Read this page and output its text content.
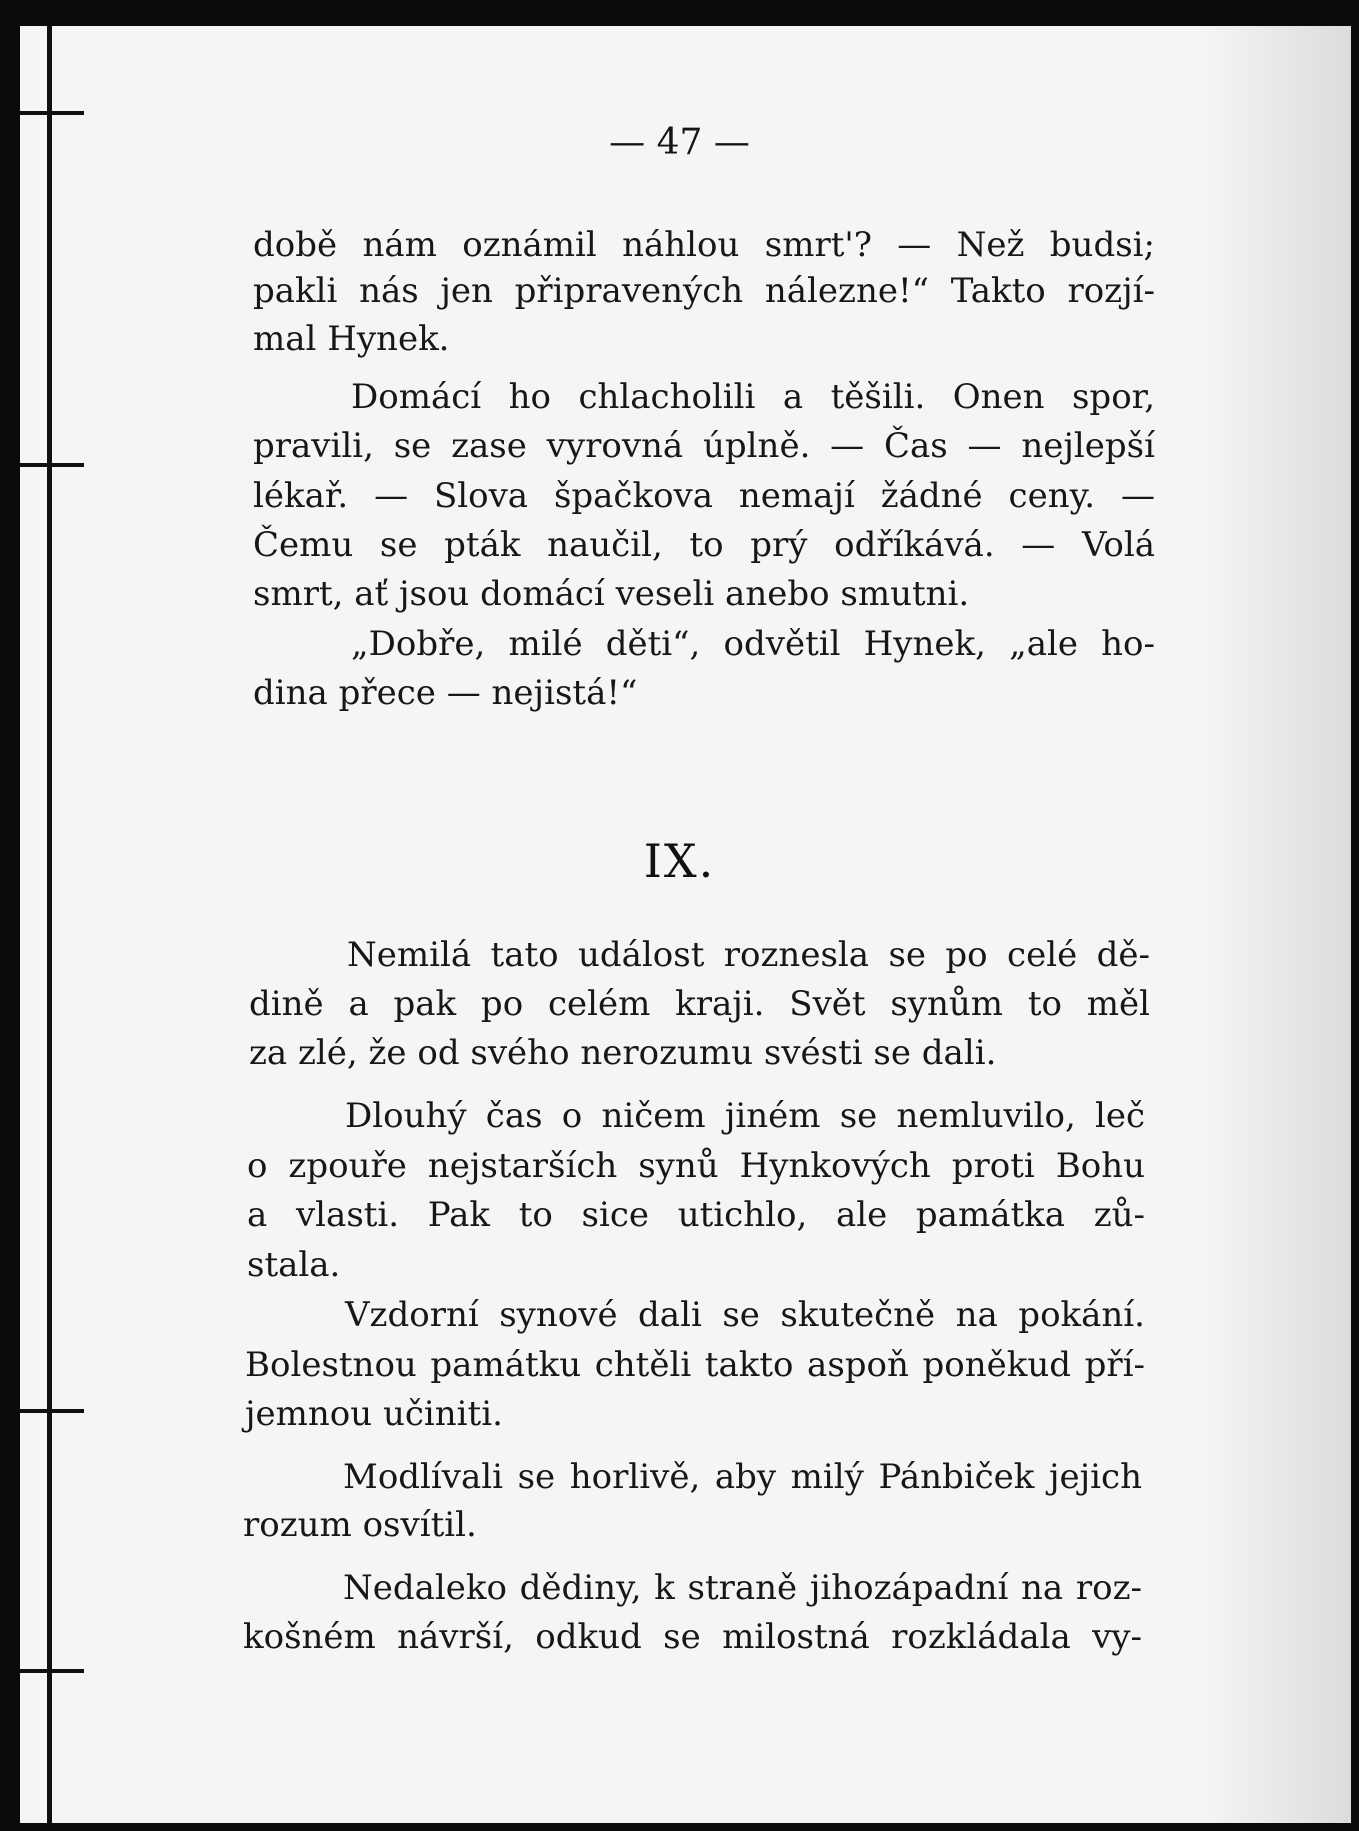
— 47 —
době nám oznámil náhlou smrt'? — Než budsi;
pakli nás jen připravených nálezne!“ Takto rozjí-
mal Hynek.
Domácí ho chlacholili a těšili. Onen spor,
pravili, se zase vyrovná úplně. — Čas — nejlepší
lékař. — Slova špačkova nemají žádné ceny. —
Čemu se pták naučil, to prý odříkává. — Volá
smrt, ať jsou domácí veseli anebo smutni.
„Dobře, milé děti“, odvětil Hynek, „ale ho-
dina přece — nejistá!“
IX.
Nemilá tato událost roznesla se po celé dě-
dině a pak po celém kraji. Svět synům to měl
za zlé, že od svého nerozumu svésti se dali.
Dlouhý čas o ničem jiném se nemluvilo, leč
o zpouře nejstarších synů Hynkových proti Bohu
a vlasti. Pak to sice utichlo, ale památka zů-
stala.
Vzdorní synové dali se skutečně na pokání.
Bolestnou památku chtěli takto aspoň poněkud pří-
jemnou učiniti.
Modlívali se horlivě, aby milý Pánbiček jejich
rozum osvítil.
Nedaleko dědiny, k straně jihozápadní na roz-
košném návrší, odkud se milostná rozkládala vy-
